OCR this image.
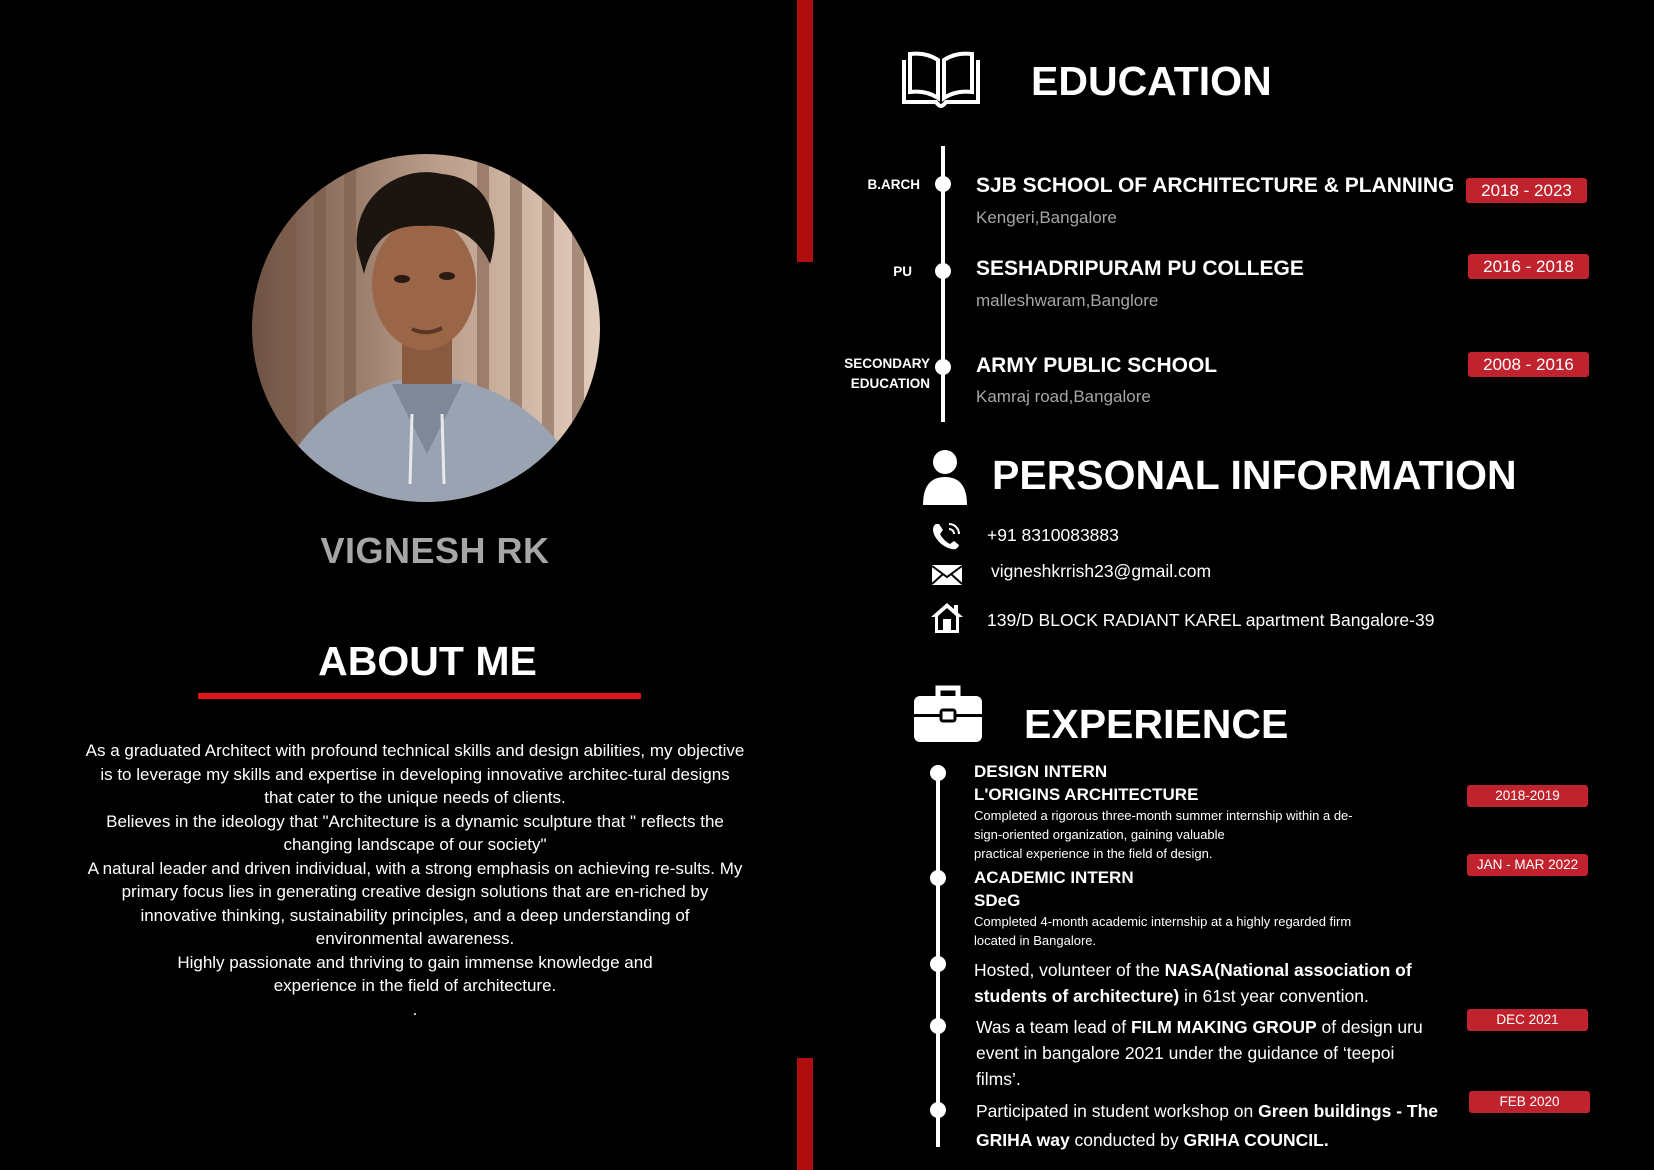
VIGNESH RK
ABOUT ME

As a graduated Architect with profound technical skills and design abilities, my objective is to leverage my skills and expertise in developing innovative architec-tural designs that cater to the unique needs of clients.

Believes in the ideology that "Architecture is a dynamic sculpture that " reflects the changing landscape of our society"

A natural leader and driven individual, with a strong emphasis on achieving re-sults. My primary focus lies in generating creative design solutions that are en-riched by innovative thinking, sustainability principles, and a deep understanding of environmental awareness.

Highly passionate and thriving to gain immense knowledge and experience in the field of architecture.

.

EDUCATION
B.ARCH	SJB SCHOOL OF ARCHITECTURE & PLANNING
Kengeri,Bangalore
2018 - 2023
PU	SESHADRIPURAM PU COLLEGE
malleshwaram,Banglore
2016 - 2018
SECONDARY
EDUCATION
ARMY PUBLIC SCHOOL
Kamraj road,Bangalore
2008 - 2016
PERSONAL INFORMATION
+91 8310083883
vigneshkrrish23@gmail.com
139/D BLOCK RADIANT KAREL apartment Bangalore-39
EXPERIENCE
DESIGN INTERN
L'ORIGINS ARCHITECTURE
Completed a rigorous three-month summer internship within a de-
sign-oriented organization, gaining valuable
practical experience in the field of design.
2018-2019
ACADEMIC INTERN
SDeG
Completed 4-month academic internship at a highly regarded firm
located in Bangalore.
JAN - MAR 2022
Hosted, volunteer of the NASA(National association of
students of architecture) in 61st year convention.
Was a team lead of FILM MAKING GROUP of design uru
event in bangalore 2021 under the guidance of ‘teepoi
films’.
DEC 2021
Participated in student workshop on Green buildings - The
GRIHA way conducted by GRIHA COUNCIL.
FEB 2020
